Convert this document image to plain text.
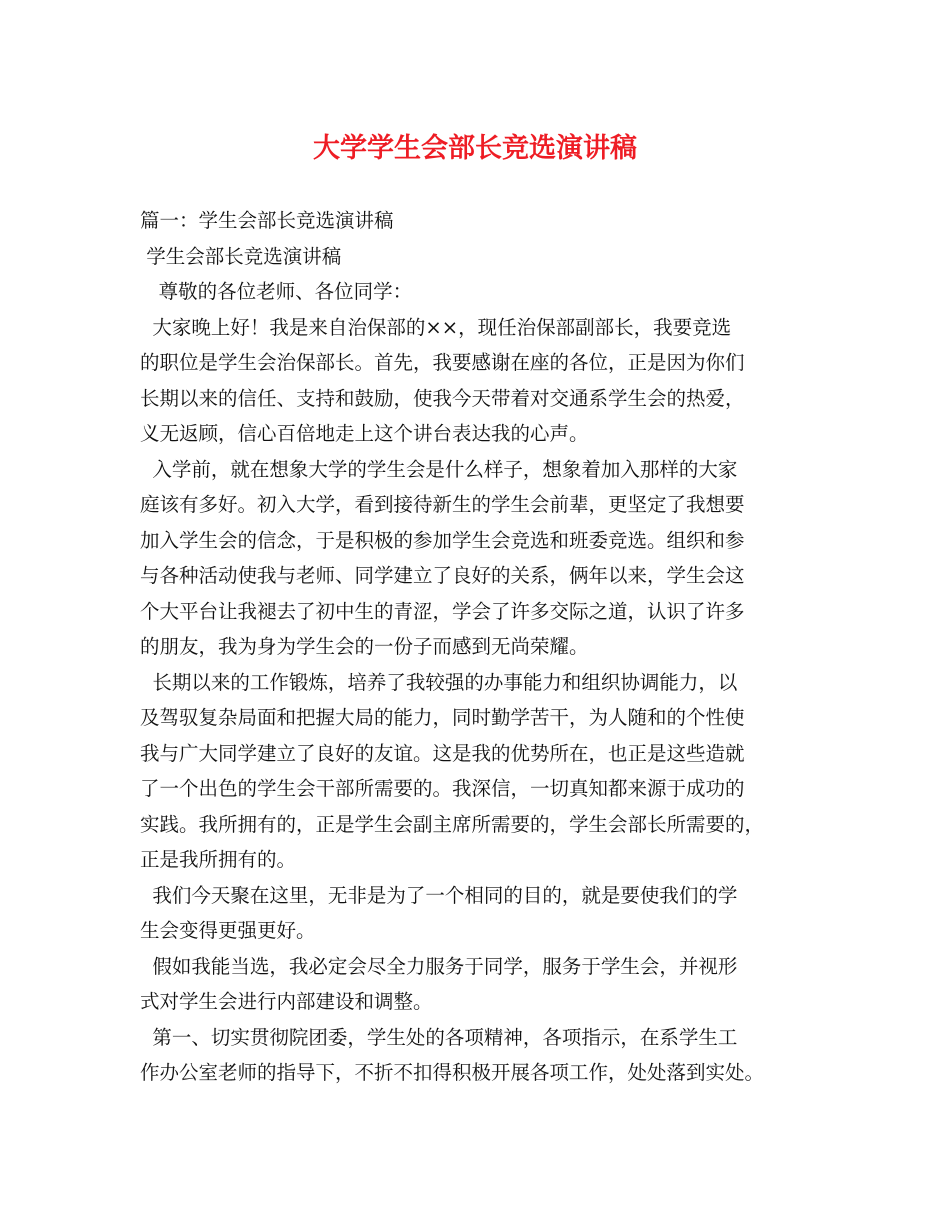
大学学生会部长竞选演讲稿

篇一：学生会部长竞选演讲稿

学生会部长竞选演讲稿

尊敬的各位老师、各位同学：

大家晚上好！我是来自治保部的××，现任治保部副部长，我要竞选

的职位是学生会治保部长。首先，我要感谢在座的各位，正是因为你们

长期以来的信任、支持和鼓励，使我今天带着对交通系学生会的热爱，

义无返顾，信心百倍地走上这个讲台表达我的心声。

入学前，就在想象大学的学生会是什么样子，想象着加入那样的大家

庭该有多好。初入大学，看到接待新生的学生会前辈，更坚定了我想要

加入学生会的信念，于是积极的参加学生会竞选和班委竞选。组织和参

与各种活动使我与老师、同学建立了良好的关系，俩年以来，学生会这

个大平台让我褪去了初中生的青涩，学会了许多交际之道，认识了许多

的朋友，我为身为学生会的一份子而感到无尚荣耀。

长期以来的工作锻炼，培养了我较强的办事能力和组织协调能力，以

及驾驭复杂局面和把握大局的能力，同时勤学苦干，为人随和的个性使

我与广大同学建立了良好的友谊。这是我的优势所在，也正是这些造就

了一个出色的学生会干部所需要的。我深信，一切真知都来源于成功的

实践。我所拥有的，正是学生会副主席所需要的，学生会部长所需要的，

正是我所拥有的。

我们今天聚在这里，无非是为了一个相同的目的，就是要使我们的学

生会变得更强更好。

假如我能当选，我必定会尽全力服务于同学，服务于学生会，并视形

式对学生会进行内部建设和调整。

第一、切实贯彻院团委，学生处的各项精神，各项指示，在系学生工

作办公室老师的指导下，不折不扣得积极开展各项工作，处处落到实处。
